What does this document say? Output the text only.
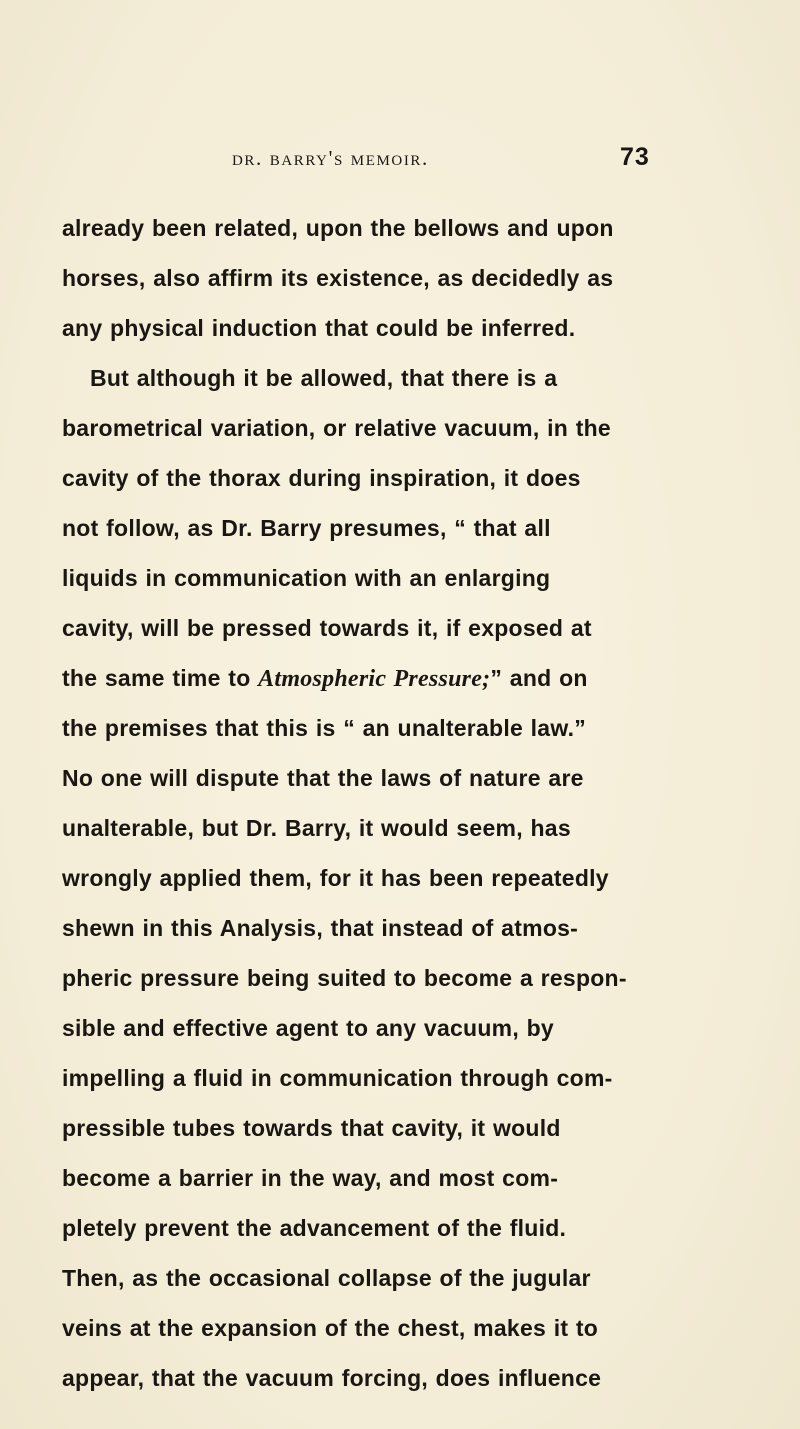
dr. barry's memoir.	73
already been related, upon the bellows and upon
horses, also affirm its existence, as decidedly as
any physical induction that could be inferred.
But although it be allowed, that there is a
barometrical variation, or relative vacuum, in the
cavity of the thorax during inspiration, it does
not follow, as Dr. Barry presumes, “ that all
liquids in communication with an enlarging
cavity, will be pressed towards it, if exposed at
the same time to Atmospheric Pressure;” and on
the premises that this is “ an unalterable law.”
No one will dispute that the laws of nature are
unalterable, but Dr. Barry, it would seem, has
wrongly applied them, for it has been repeatedly
shewn in this Analysis, that instead of atmos-
pheric pressure being suited to become a respon-
sible and effective agent to any vacuum, by
impelling a fluid in communication through com-
pressible tubes towards that cavity, it would
become a barrier in the way, and most com-
pletely prevent the advancement of the fluid.
Then, as the occasional collapse of the jugular
veins at the expansion of the chest, makes it to
appear, that the vacuum forcing, does influence
